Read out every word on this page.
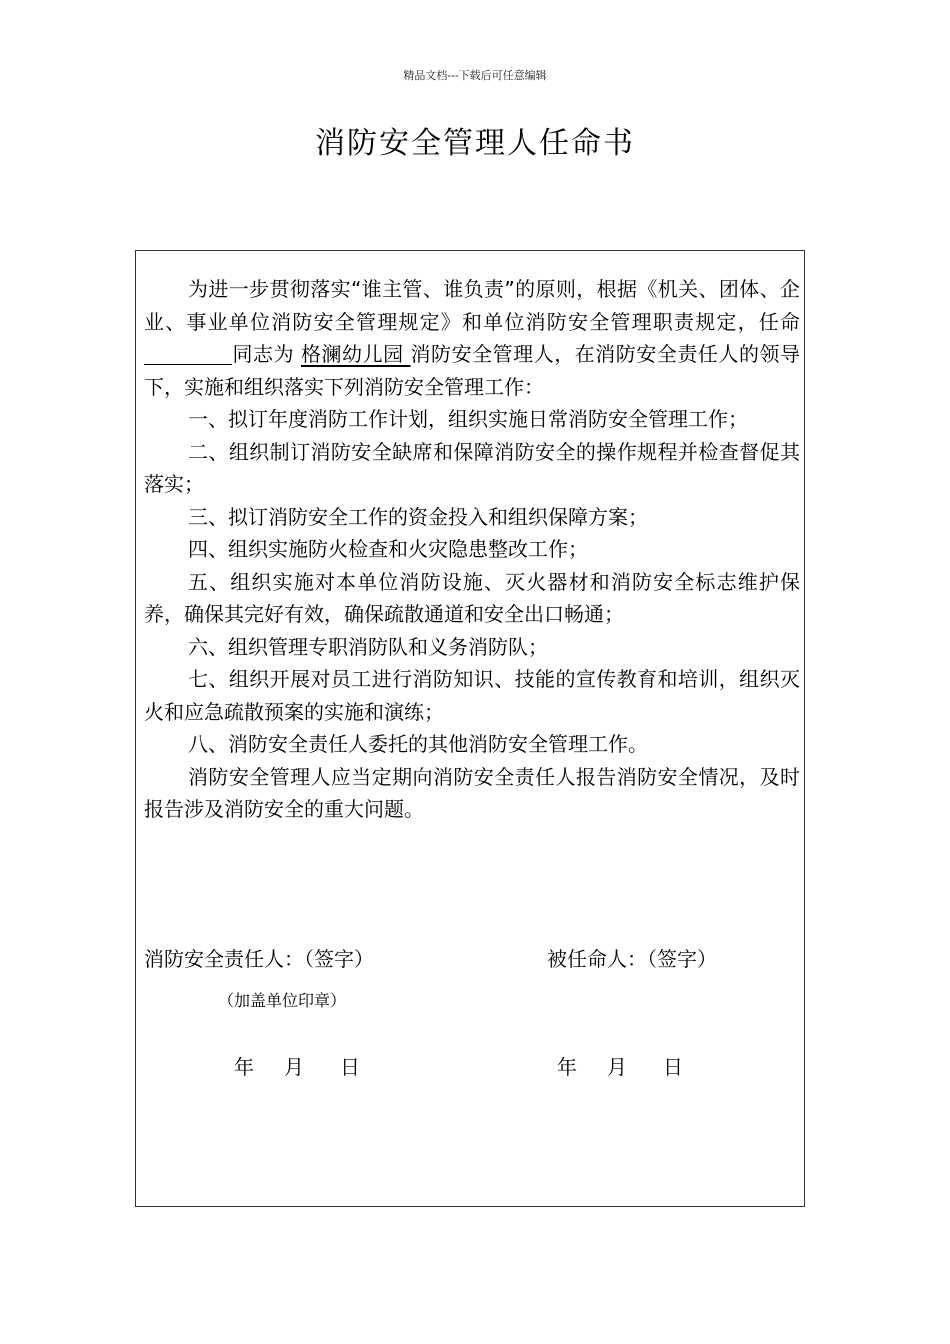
精品文档---下载后可任意编辑
消防安全管理人任命书

为进一步贯彻落实“谁主管、谁负责”的原则，根据《机关、团体、企业、事业单位消防安全管理规定》和单位消防安全管理职责规定，任命同志为 格澜幼儿园 消防安全管理人，在消防安全责任人的领导下，实施和组织落实下列消防安全管理工作：

一、拟订年度消防工作计划，组织实施日常消防安全管理工作；

二、组织制订消防安全缺席和保障消防安全的操作规程并检查督促其落实；

三、拟订消防安全工作的资金投入和组织保障方案；

四、组织实施防火检查和火灾隐患整改工作；

五、组织实施对本单位消防设施、灭火器材和消防安全标志维护保养，确保其完好有效，确保疏散通道和安全出口畅通；

六、组织管理专职消防队和义务消防队；

七、组织开展对员工进行消防知识、技能的宣传教育和培训，组织灭火和应急疏散预案的实施和演练；

八、消防安全责任人委托的其他消防安全管理工作。

消防安全管理人应当定期向消防安全责任人报告消防安全情况，及时报告涉及消防安全的重大问题。

消防安全责任人：（签字）	被任命人：（签字）
（加盖单位印章）
年 月 日	年 月 日
